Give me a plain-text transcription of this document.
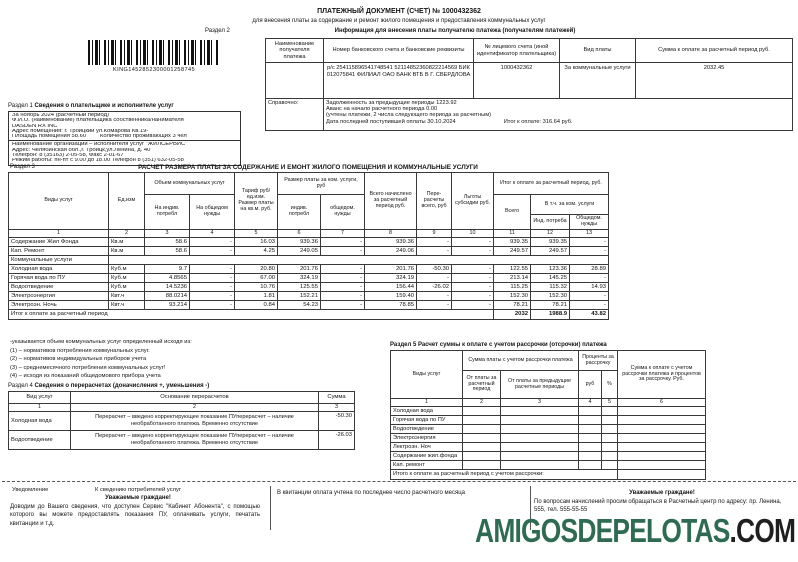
ПЛАТЕЖНЫЙ ДОКУМЕНТ (СЧЕТ) № 1000432362
для внесения платы за содержание и ремонт жилого помещения и предоставления коммунальных услуг
Раздел 2	Информация для внесения платы получателю платежа (получателям платежей)
KING1452852300001258745
Раздел 1 Сведения о плательщике и исполнителе услуг
За ноябрь 2024 (расчетный период)
Ф.И.О. (наименование) плательщика собственника/нанимателя
DASDEN RX INC
Адрес помещения: г. Троицкий ул.Комарова Кв.19-
Площадь помещения 58.60 Количество проживающих 3 чел
Наименование организации – исполнителя услуг "ЖИЛСЕРВИС"
Адрес: Челябинская обл.,г. Троицк,ул.Ленина, д. 40
Телефон: 8 (35163) 2-05-58, Факс 2-01-67
Режим работы: пн-пт с 9.00 до 18.00 Телефон 8 (351) 632-05-58
Наименование получателя платежа	Номер банковского счета и банковские реквизиты	№ лицевого счета (иной идентификатор плательщика)	Вид платы	Сумма к оплате за расчетный период руб.
	р/с 254115896541748541 52114852360822214569 БИК 012075841 ФИЛИАЛ ОАО БАНК ВТБ В Г. СВЕРДЛОВА	1000432362	За коммунальные услуги	2032.45
Справочно:	Задолженность за предыдущие периоды 1223.92
Аванс на начало расчетного периода 0.00
(учтены платежи, 2 числа следующего периода за расчетным)
Дата последней поступившей оплаты 30.10.2024 Итог к оплате: 316.64 руб.			
Раздел 3	РАСЧЕТ РАЗМЕРА ПЛАТЫ ЗА СОДЕРЖАНИЕ И ЕМОНТ ЖИЛОГО ПОМЕЩЕНИЯ И КОММУНАЛЬНЫЕ УСЛУГИ
Виды услуг	Ед.изм	Объем коммунальных услуг		Тариф руб/ед.изм. Размер платы на кв.м. руб.	Размер платы за ком. услуги, руб		Всего начислено за расчетный период руб.	Пере- расчеты всего, руб	Льготы субсидии руб.	Итог к оплате за расчетный период, руб.		
		На индив. потребл	На общедом нужды		индив. потребл	общедом. нужды				Всего	В т.ч. за ком. услуги	
											Инд. потреба	Общедом. нужды
1	2	3	4	5	6	7	8	9	10	11	12	13
Содержание Жил Фонда	Кв.м	58.6	-	16.03	939.36	-	939.36	-	-	939.35	939.35	-
Кап. Ремонт	Кв.м	58.6	-	4.25	249.05	-	249.06	-	-	249.57	249.57	-
Коммунальные услуги												
Холодная вода	Куб.м	9.7	-	20.80	201.76	-	201.76	-50.30	-	122.55	123.36	28.89
Горячая вода по ПУ	Куб.м	4.8565	-	67.00	324.19	-	324.19	-	-	213.14	145.25	-
Водоотведение	Куб.м	14.5236	-	10.76	125.55	-	156.44	-26.02	-	115.25	115.32	14.93
Электроэнергия	Квт.ч	88.0214	-	1.81	152.21	-	159.40	-	-	152.30	152.30	-
Электроэн. Ночь	Квт.ч	93.214	-	0.84	54.23	-	78.85	-	-	78.21	78.21	-
Итог к оплате за расчетный период										2032	1988.9	43.82
-указывается объем коммунальных услуг определенный исходя из:
(1) – нормативов потребления коммунальных услуг.
(2) – нормативов индивидуальных приборов учета
(3) – среднемесячного потребления коммунальных услуг!
(4) – исходя из показаний общедомового прибора учета
Раздел 4 Сведения о перерасчетах (доначисления +, уменьшения -)
Вид услуг	Основание перерасчетов	Сумма
1	2	3
Холодная вода	Перерасчет – введено корректирующее показание ПУперерасчет – наличие необработанного платежа. Временно отсутствие	-50.30
Водоотведение	Перерасчет – введено корректирующее показание ПУперерасчет – наличие необработанного платежа. Временно отсутствие	-26.03
Раздел 5 Расчет суммы к оплате с учетом рассрочки (отсрочки) платежа
Виды услуг	Сумма платы с учетом рассрочки платежа		Проценты за рассрочку		Сумма к оплате с учетом рассрочки платежа и процентов за рассрочку. Руб.
	От платы за расчетный период	От платы за предыдущие расчетные периоды	руб	%	
1	2	3	4	5	6
Холодная вода					
Горячая вода по ПУ					
Водоотведение					
Электроэнергия					
Лектроэн. Ноч					
Содержание жил.фонда					
Кап. ремонт					
Итого к оплате за расчетный период с учетом рассрочки:					
Уведомление	К сведению потребителей услуг
Уважаемые граждане!
Доводим до Вашего сведения, что доступен Сервис "Кабинет Абонента", с помощью которого вы можете предоставлять показания ПУ, оплачивать услуги, печатать квитанции и т.д.
В квитанции оплата учтена по последнее число расчетного месяца	Уважаемые граждане!
По вопросам начислений просим обращаться в Расчетный центр по адресу: пр. Ленина, 555, тел. 555-55-55
AMIGOSDEPELOTAS.COM
